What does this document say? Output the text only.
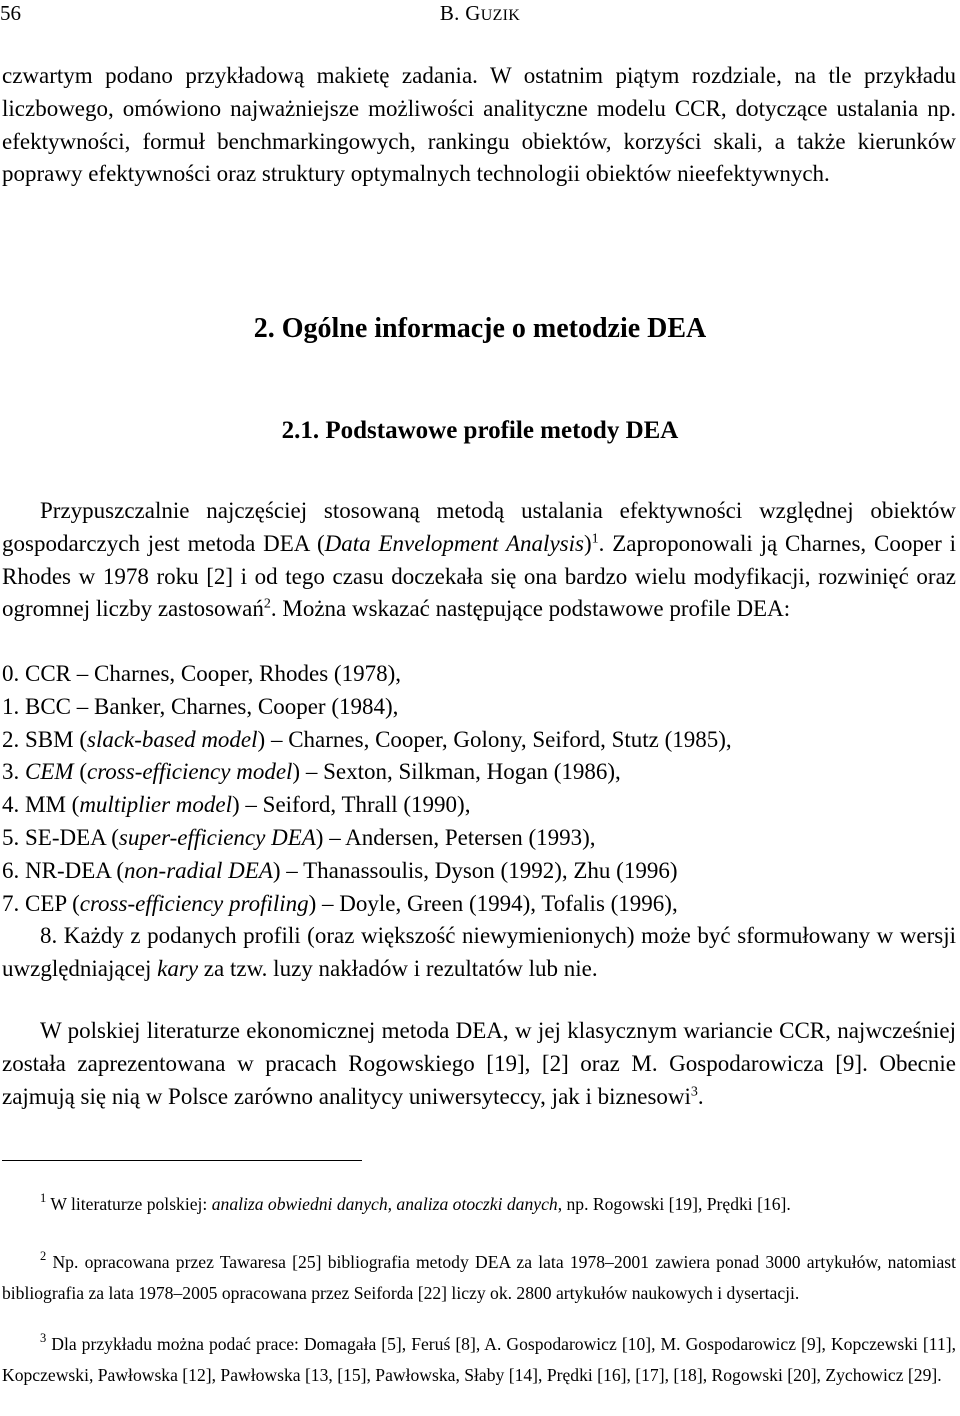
56	B. GUZIK

czwartym podano przykładową makietę zadania. W ostatnim piątym rozdziale, na tle przykładu liczbowego, omówiono najważniejsze możliwości analityczne modelu CCR, dotyczące ustalania np. efektywności, formuł benchmarkingowych, rankingu obiektów, korzyści skali, a także kierunków poprawy efektywności oraz struktury optymalnych technologii obiektów nieefektywnych.

2. Ogólne informacje o metodzie DEA
2.1. Podstawowe profile metody DEA

Przypuszczalnie najczęściej stosowaną metodą ustalania efektywności względnej obiektów gospodarczych jest metoda DEA (Data Envelopment Analysis)$^1$. Zaproponowali ją Charnes, Cooper i Rhodes w 1978 roku [2] i od tego czasu doczekała się ona bardzo wielu modyfikacji, rozwinięć oraz ogromnej liczby zastosowań$^2$. Można wskazać następujące podstawowe profile DEA:

0. CCR – Charnes, Cooper, Rhodes (1978),
1. BCC – Banker, Charnes, Cooper (1984),
2. SBM (slack-based model) – Charnes, Cooper, Golony, Seiford, Stutz (1985),
3. CEM (cross-efficiency model) – Sexton, Silkman, Hogan (1986),
4. MM (multiplier model) – Seiford, Thrall (1990),
5. SE-DEA (super-efficiency DEA) – Andersen, Petersen (1993),
6. NR-DEA (non-radial DEA) – Thanassoulis, Dyson (1992), Zhu (1996)
7. CEP (cross-efficiency profiling) – Doyle, Green (1994), Tofalis (1996),

8. Każdy z podanych profili (oraz większość niewymienionych) może być sformułowany w wersji uwzględniającej kary za tzw. luzy nakładów i rezultatów lub nie.

W polskiej literaturze ekonomicznej metoda DEA, w jej klasycznym wariancie CCR, najwcześniej została zaprezentowana w pracach Rogowskiego [19], [2] oraz M. Gospodarowicza [9]. Obecnie zajmują się nią w Polsce zarówno analitycy uniwersyteccy, jak i biznesowi$^3$.

$^1$ W literaturze polskiej: analiza obwiedni danych, analiza otoczki danych, np. Rogowski [19], Prędki [16].

$^2$ Np. opracowana przez Tawaresa [25] bibliografia metody DEA za lata 1978–2001 zawiera ponad 3000 artykułów, natomiast bibliografia za lata 1978–2005 opracowana przez Seiforda [22] liczy ok. 2800 artykułów naukowych i dysertacji.

$^3$ Dla przykładu można podać prace: Domagała [5], Feruś [8], A. Gospodarowicz [10], M. Gospodarowicz [9], Kopczewski [11], Kopczewski, Pawłowska [12], Pawłowska [13, [15], Pawłowska, Słaby [14], Prędki [16], [17], [18], Rogowski [20], Zychowicz [29].
